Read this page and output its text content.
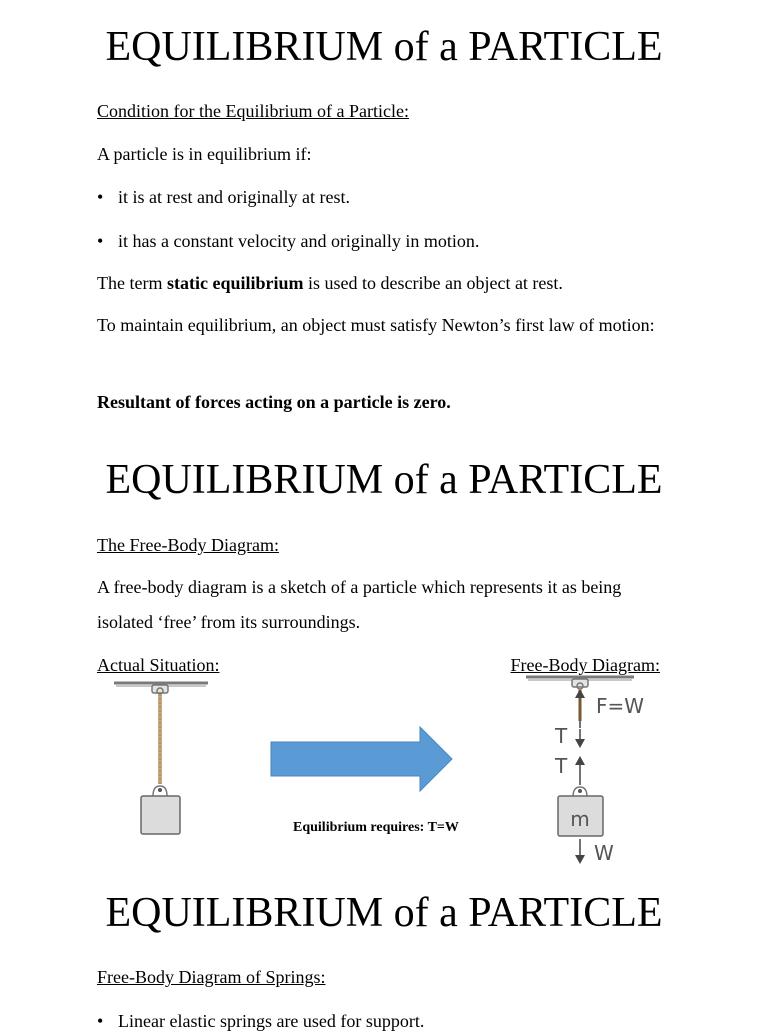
EQUILIBRIUM of a PARTICLE
Condition for the Equilibrium of a Particle:
A particle is in equilibrium if:
• it is at rest and originally at rest.
• it has a constant velocity and originally in motion.
The term static equilibrium is used to describe an object at rest.
To maintain equilibrium, an object must satisfy Newton’s first law of motion:
Resultant of forces acting on a particle is zero.
EQUILIBRIUM of a PARTICLE
The Free-Body Diagram:
A free-body diagram is a sketch of a particle which represents it as being isolated ‘free’ from its surroundings.
Actual Situation:	Free-Body Diagram:
Equilibrium requires: T=W
F=W
T
T
m
W
EQUILIBRIUM of a PARTICLE
Free-Body Diagram of Springs:
• Linear elastic springs are used for support.
